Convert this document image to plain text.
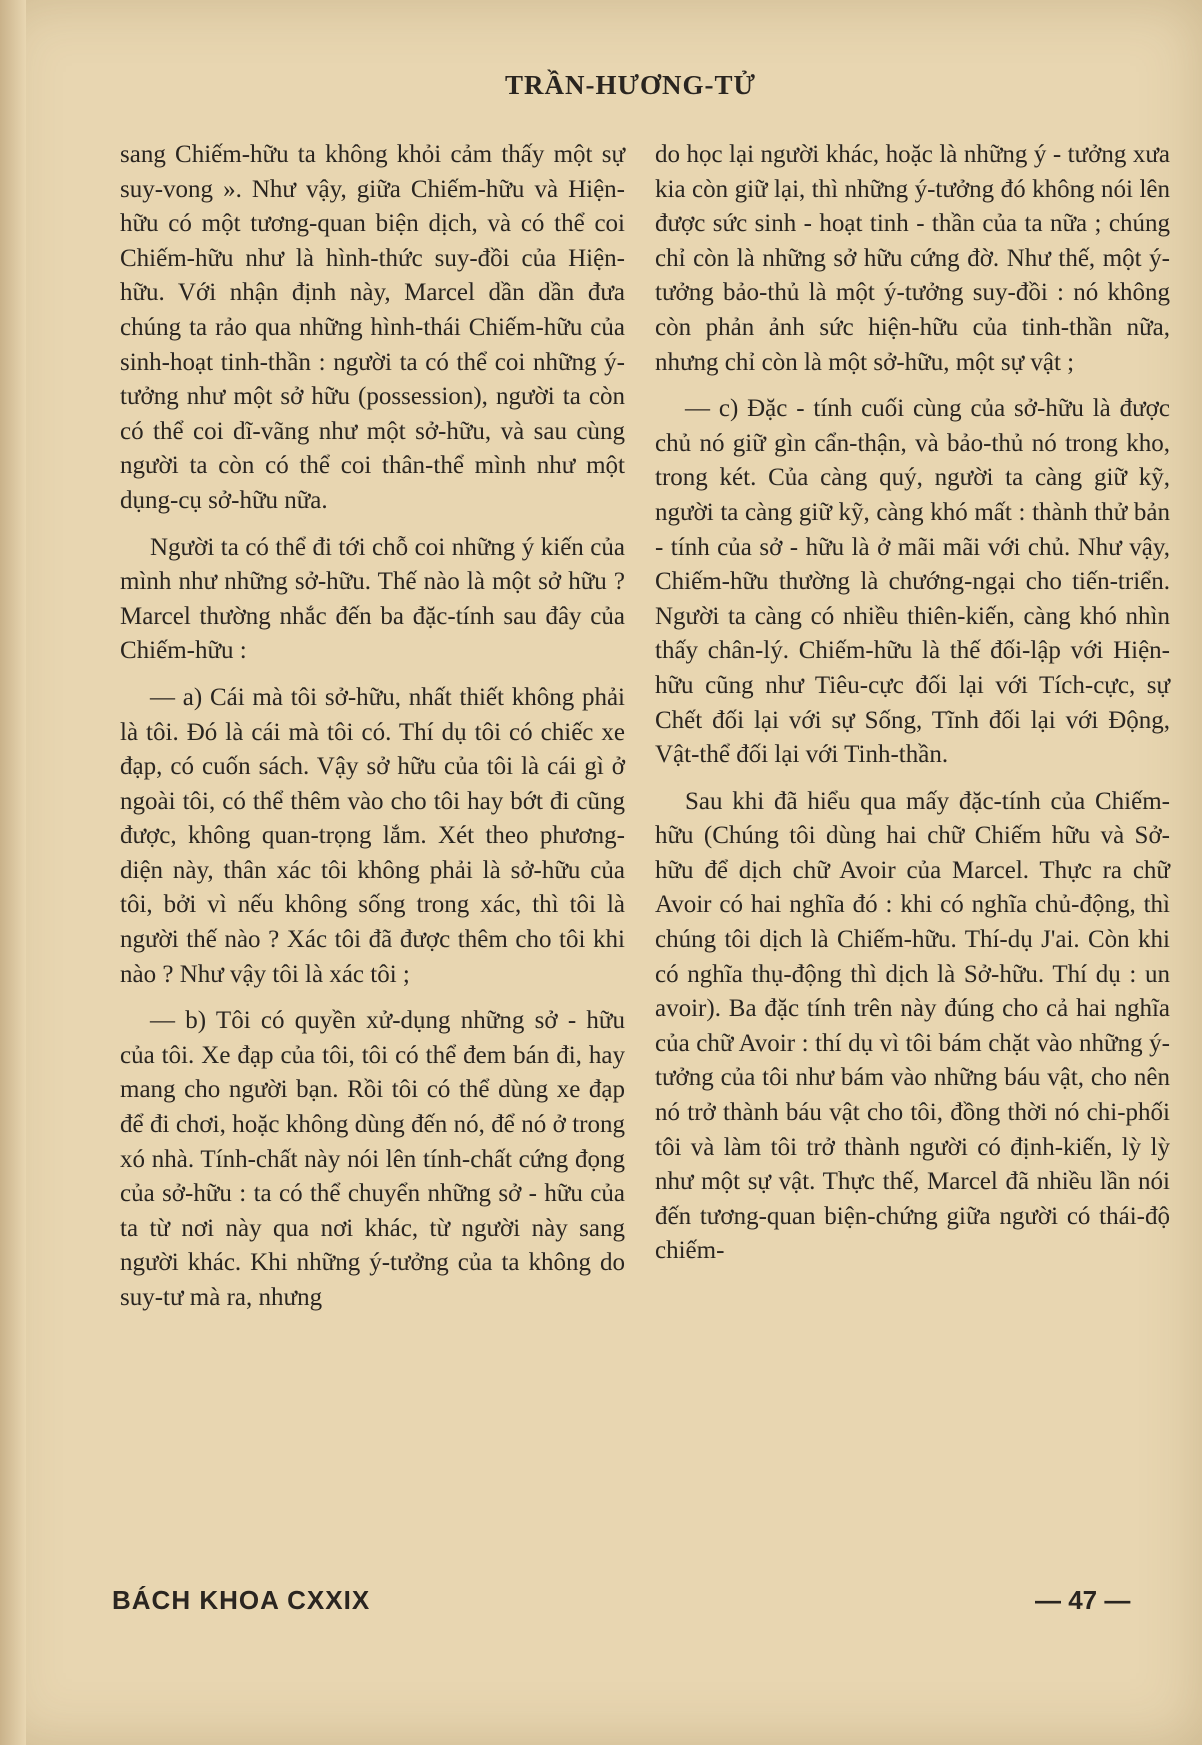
TRẦN-HƯƠNG-TỬ

sang Chiếm-hữu ta không khỏi cảm thấy một sự suy-vong ». Như vậy, giữa Chiếm-hữu và Hiện-hữu có một tương-quan biện dịch, và có thể coi Chiếm-hữu như là hình-thức suy-đồi của Hiện-hữu. Với nhận định này, Marcel dần dần đưa chúng ta rảo qua những hình-thái Chiếm-hữu của sinh-hoạt tinh-thần : người ta có thể coi những ý-tưởng như một sở hữu (possession), người ta còn có thể coi dĩ-vãng như một sở-hữu, và sau cùng người ta còn có thể coi thân-thể mình như một dụng-cụ sở-hữu nữa.

Người ta có thể đi tới chỗ coi những ý kiến của mình như những sở-hữu. Thế nào là một sở hữu ? Marcel thường nhắc đến ba đặc-tính sau đây của Chiếm-hữu :

— a) Cái mà tôi sở-hữu, nhất thiết không phải là tôi. Đó là cái mà tôi có. Thí dụ tôi có chiếc xe đạp, có cuốn sách. Vậy sở hữu của tôi là cái gì ở ngoài tôi, có thể thêm vào cho tôi hay bớt đi cũng được, không quan-trọng lắm. Xét theo phương-diện này, thân xác tôi không phải là sở-hữu của tôi, bởi vì nếu không sống trong xác, thì tôi là người thế nào ? Xác tôi đã được thêm cho tôi khi nào ? Như vậy tôi là xác tôi ;

— b) Tôi có quyền xử-dụng những sở - hữu của tôi. Xe đạp của tôi, tôi có thể đem bán đi, hay mang cho người bạn. Rồi tôi có thể dùng xe đạp để đi chơi, hoặc không dùng đến nó, để nó ở trong xó nhà. Tính-chất này nói lên tính-chất cứng đọng của sở-hữu : ta có thể chuyển những sở - hữu của ta từ nơi này qua nơi khác, từ người này sang người khác. Khi những ý-tưởng của ta không do suy-tư mà ra, nhưng

do học lại người khác, hoặc là những ý - tưởng xưa kia còn giữ lại, thì những ý-tưởng đó không nói lên được sức sinh - hoạt tinh - thần của ta nữa ; chúng chỉ còn là những sở hữu cứng đờ. Như thế, một ý-tưởng bảo-thủ là một ý-tưởng suy-đồi : nó không còn phản ảnh sức hiện-hữu của tinh-thần nữa, nhưng chỉ còn là một sở-hữu, một sự vật ;

— c) Đặc - tính cuối cùng của sở-hữu là được chủ nó giữ gìn cẩn-thận, và bảo-thủ nó trong kho, trong két. Của càng quý, người ta càng giữ kỹ, người ta càng giữ kỹ, càng khó mất : thành thử bản - tính của sở - hữu là ở mãi mãi với chủ. Như vậy, Chiếm-hữu thường là chướng-ngại cho tiến-triển. Người ta càng có nhiều thiên-kiến, càng khó nhìn thấy chân-lý. Chiếm-hữu là thế đối-lập với Hiện-hữu cũng như Tiêu-cực đối lại với Tích-cực, sự Chết đối lại với sự Sống, Tĩnh đối lại với Động, Vật-thể đối lại với Tinh-thần.

Sau khi đã hiểu qua mấy đặc-tính của Chiếm-hữu (Chúng tôi dùng hai chữ Chiếm hữu và Sở-hữu để dịch chữ Avoir của Marcel. Thực ra chữ Avoir có hai nghĩa đó : khi có nghĩa chủ-động, thì chúng tôi dịch là Chiếm-hữu. Thí-dụ J'ai. Còn khi có nghĩa thụ-động thì dịch là Sở-hữu. Thí dụ : un avoir). Ba đặc tính trên này đúng cho cả hai nghĩa của chữ Avoir : thí dụ vì tôi bám chặt vào những ý-tưởng của tôi như bám vào những báu vật, cho nên nó trở thành báu vật cho tôi, đồng thời nó chi-phối tôi và làm tôi trở thành người có định-kiến, lỳ lỳ như một sự vật. Thực thế, Marcel đã nhiều lần nói đến tương-quan biện-chứng giữa người có thái-độ chiếm-

BÁCH KHOA CXXIX	— 47 —
